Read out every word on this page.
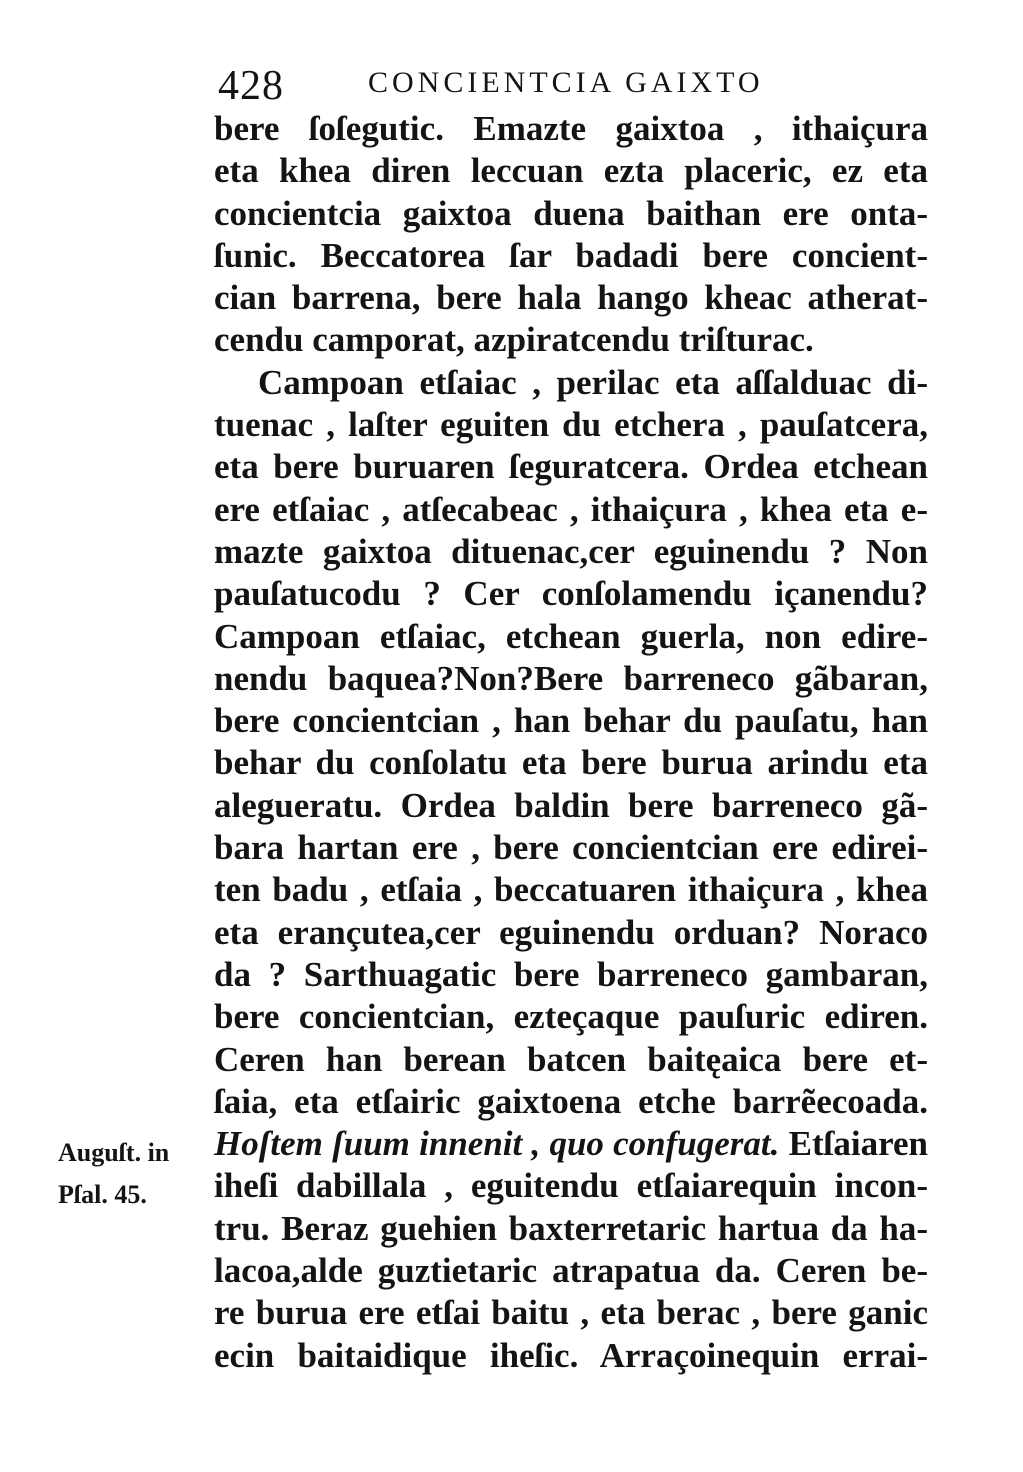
428	CONCIENTCIA GAIXTO
bere ſoſegutic. Emazte gaixtoa , ithaiçura
eta khea diren leccuan ezta placeric, ez eta
concientcia gaixtoa duena baithan ere onta-
ſunic. Beccatorea ſar badadi bere concient-
cian barrena, bere hala hango kheac atherat-
cendu camporat, azpiratcendu triſturac.
Campoan etſaiac , perilac eta aſſalduac di-
tuenac , laſter eguiten du etchera , pauſatcera,
eta bere buruaren ſeguratcera. Ordea etchean
ere etſaiac , atſecabeac , ithaiçura , khea eta e-
mazte gaixtoa dituenac,cer eguinendu ? Non
pauſatucodu ? Cer conſolamendu içanendu?
Campoan etſaiac, etchean guerla, non edire-
nendu baquea?Non?Bere barreneco gãbaran,
bere concientcian , han behar du pauſatu, han
behar du conſolatu eta bere burua arindu eta
alegueratu. Ordea baldin bere barreneco gã-
bara hartan ere , bere concientcian ere edirei-
ten badu , etſaia , beccatuaren ithaiçura , khea
eta erançutea,cer eguinendu orduan? Noraco
da ? Sarthuagatic bere barreneco gambaran,
bere concientcian, ezteçaque pauſuric ediren.
Ceren han berean batcen baitęaica bere et-
ſaia, eta etſairic gaixtoena etche barrẽecoada.
Hoſtem ſuum innenit , quo confugerat. Etſaiaren
iheſi dabillala , eguitendu etſaiarequin incon-
tru. Beraz guehien baxterretaric hartua da ha-
lacoa,alde guztietaric atrapatua da. Ceren be-
re burua ere etſai baitu , eta berac , bere ganic
ecin baitaidique iheſic. Arraçoinequin errai-
Auguſt. in
Pſal. 45.
